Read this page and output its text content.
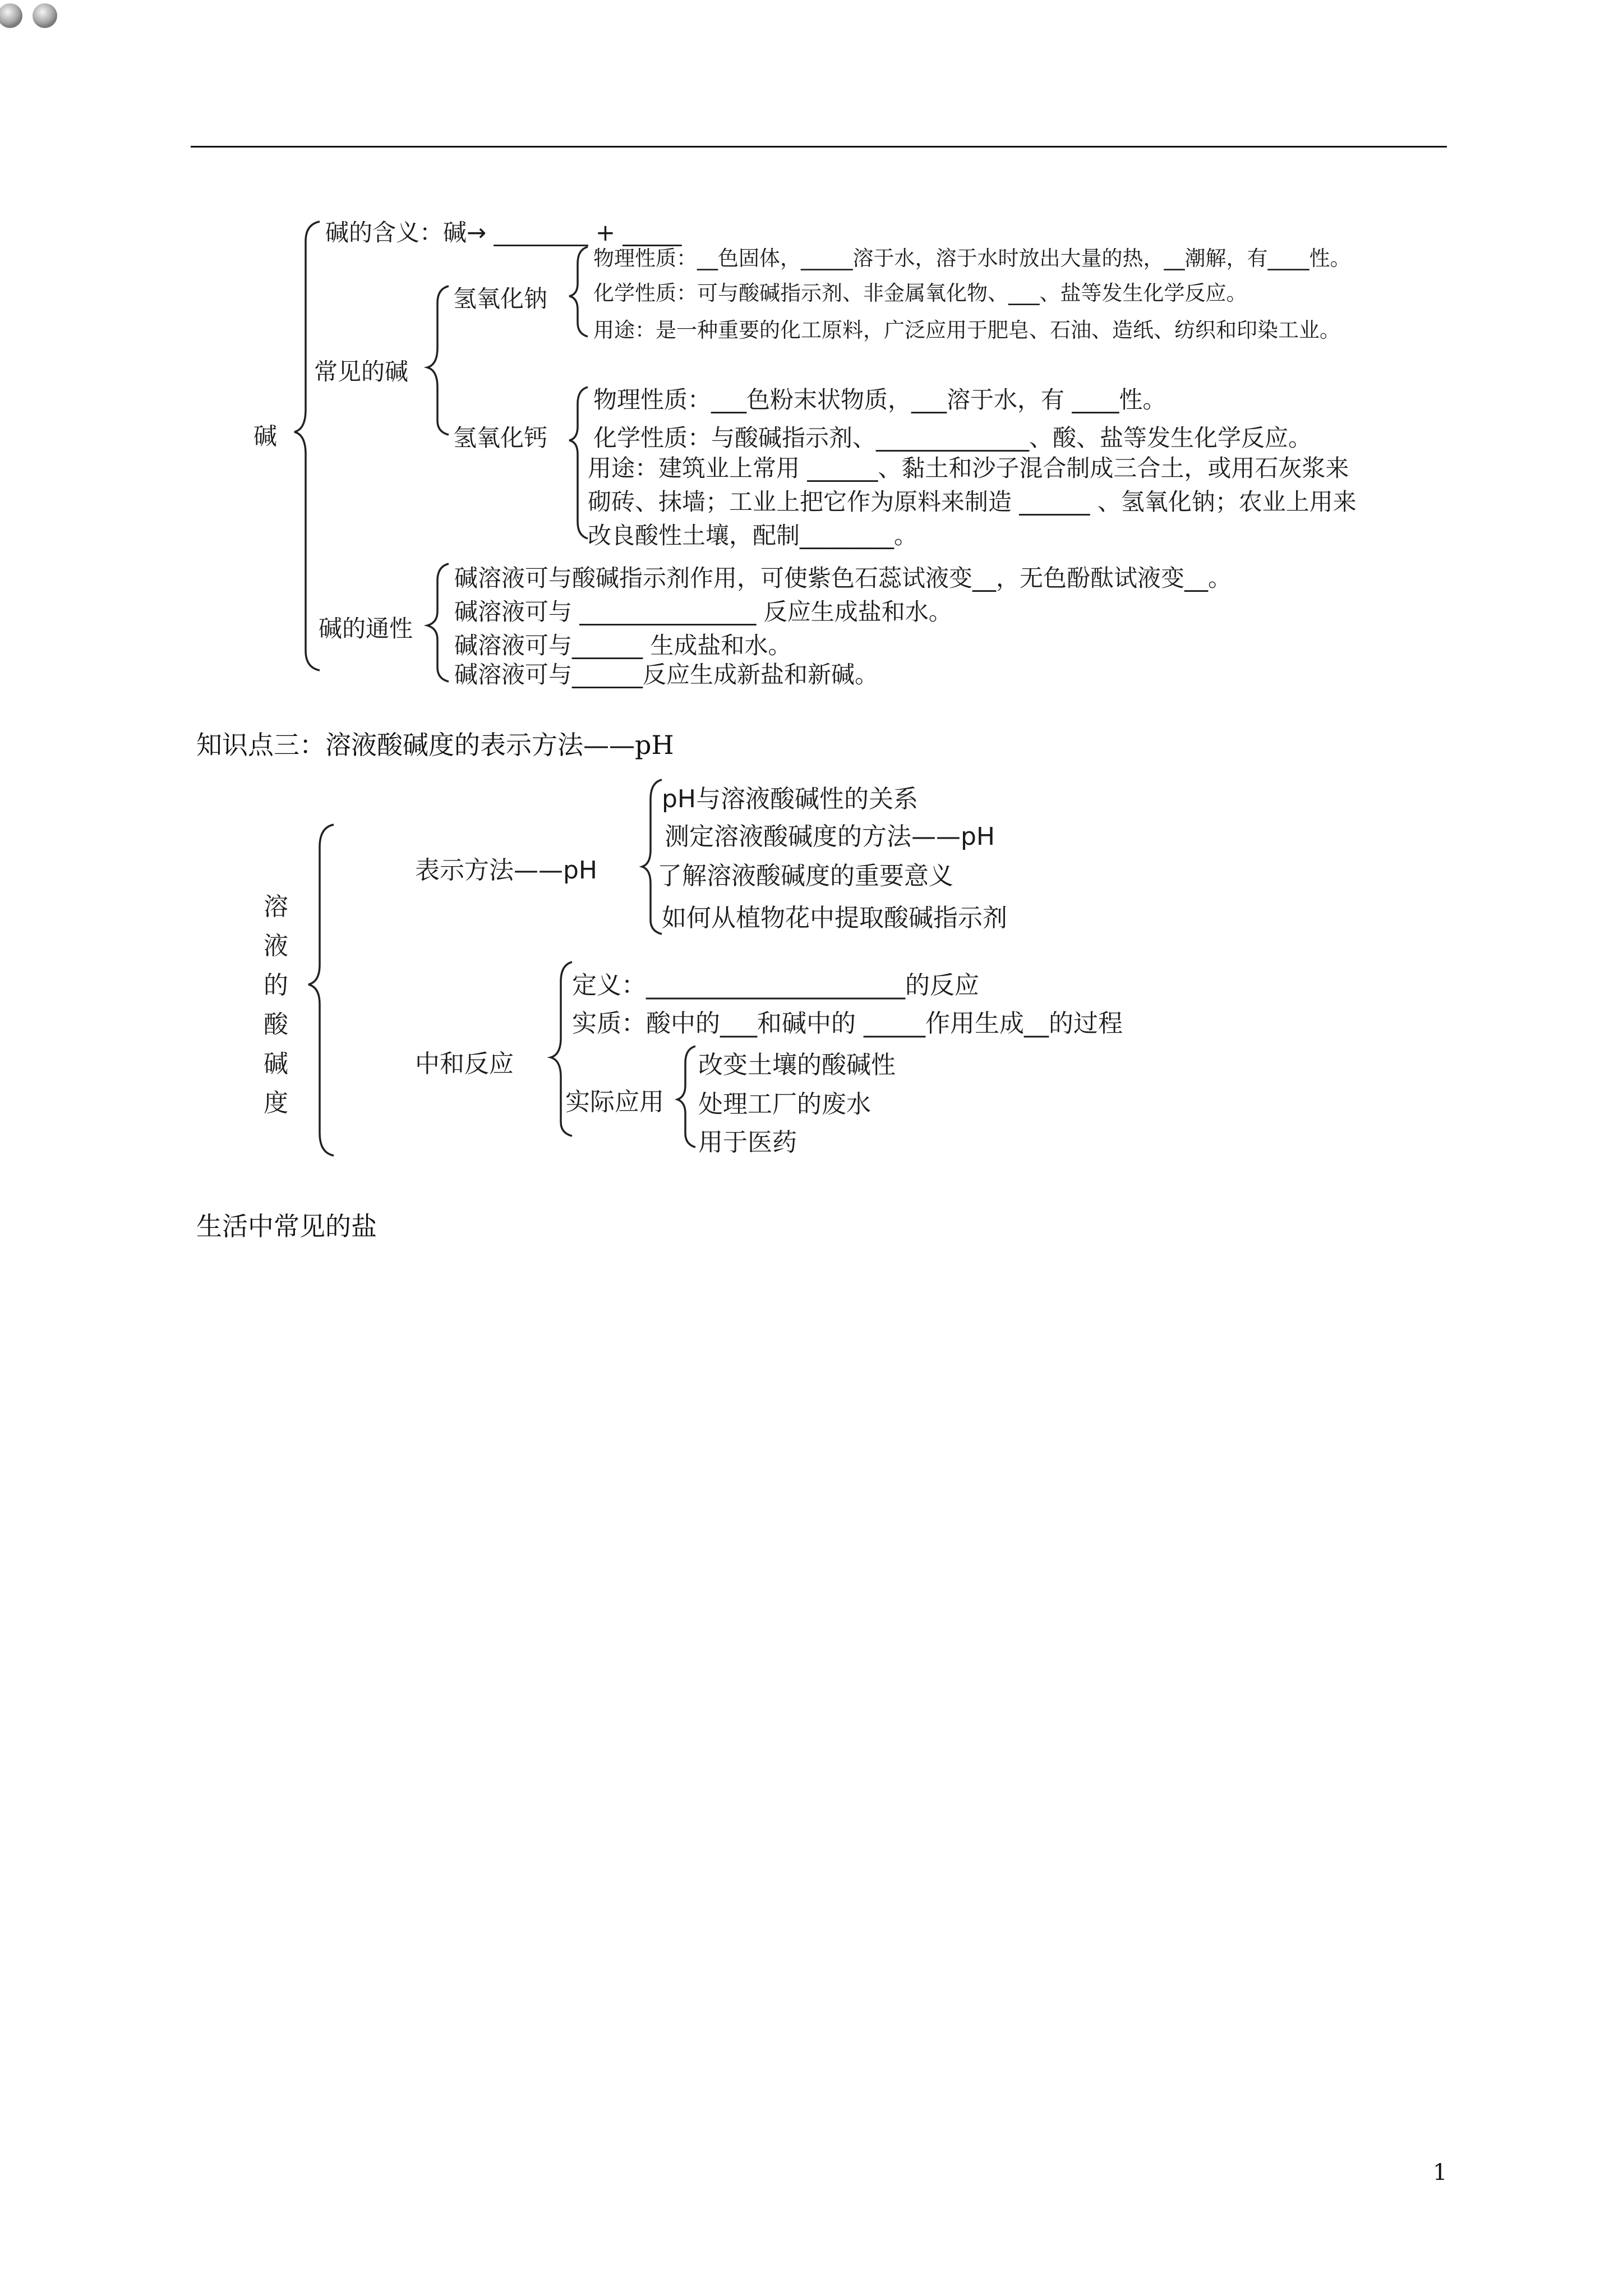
碱
碱的含义：碱→ ________ + _____
常见的碱
氢氧化钠
物理性质：__色固体，_____溶于水，溶于水时放出大量的热，__潮解，有____性。
化学性质：可与酸碱指示剂、非金属氧化物、___、盐等发生化学反应。
用途：是一种重要的化工原料，广泛应用于肥皂、石油、造纸、纺织和印染工业。
氢氧化钙
物理性质：___色粉末状物质，___溶于水，有 ____性。
化学性质：与酸碱指示剂、_____________、酸、盐等发生化学反应。
用途：建筑业上常用 ______、黏土和沙子混合制成三合土，或用石灰浆来
砌砖、抹墙；工业上把它作为原料来制造 ______ 、氢氧化钠；农业上用来
改良酸性土壤，配制________。
碱的通性
碱溶液可与酸碱指示剂作用，可使紫色石蕊试液变__，无色酚酞试液变__。
碱溶液可与 _______________ 反应生成盐和水。
碱溶液可与______ 生成盐和水。
碱溶液可与______反应生成新盐和新碱。
知识点三：溶液酸碱度的表示方法——pH
溶
液
的
酸
碱
度
表示方法——pH
pH与溶液酸碱性的关系
测定溶液酸碱度的方法——pH
了解溶液酸碱度的重要意义
如何从植物花中提取酸碱指示剂
中和反应
定义：_____________________的反应
实质：酸中的___和碱中的 _____作用生成__的过程
实际应用
改变土壤的酸碱性
处理工厂的废水
用于医药
生活中常见的盐
1
